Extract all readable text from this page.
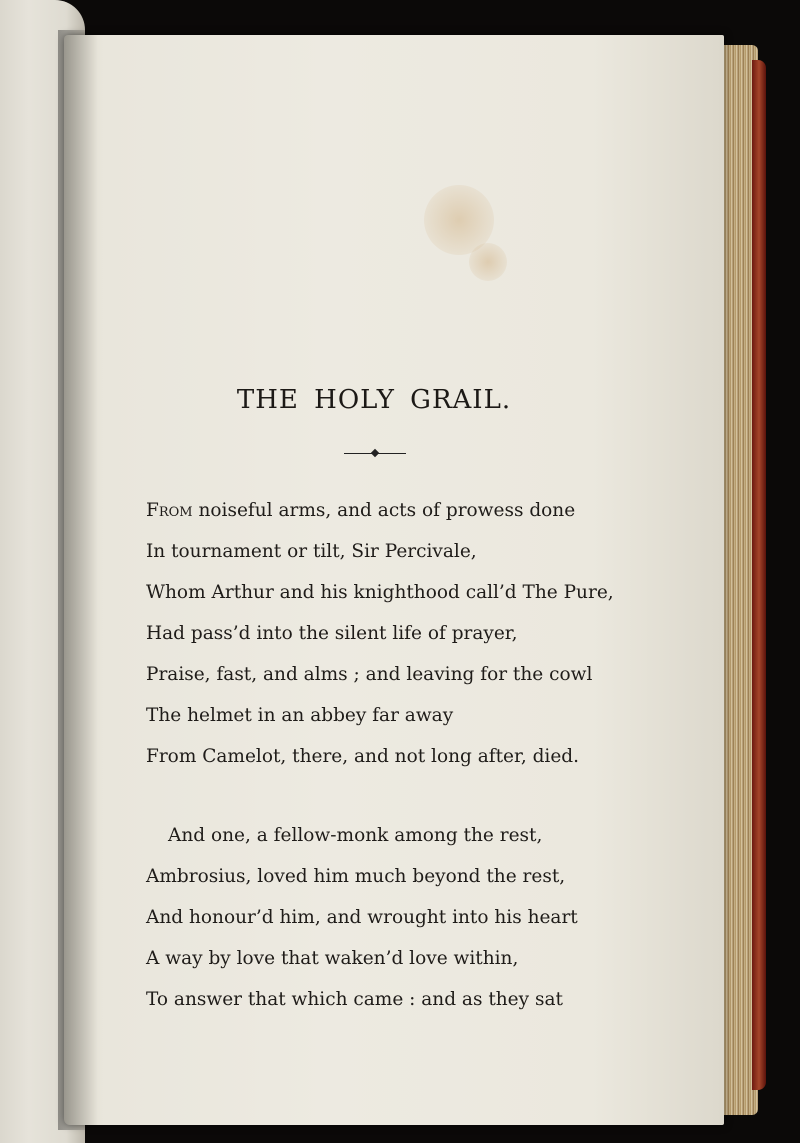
THE HOLY GRAIL.
From noiseful arms, and acts of prowess done
In tournament or tilt, Sir Percivale,
Whom Arthur and his knighthood call’d The Pure,
Had pass’d into the silent life of prayer,
Praise, fast, and alms ; and leaving for the cowl
The helmet in an abbey far away
From Camelot, there, and not long after, died.
And one, a fellow-monk among the rest,
Ambrosius, loved him much beyond the rest,
And honour’d him, and wrought into his heart
A way by love that waken’d love within,
To answer that which came : and as they sat
